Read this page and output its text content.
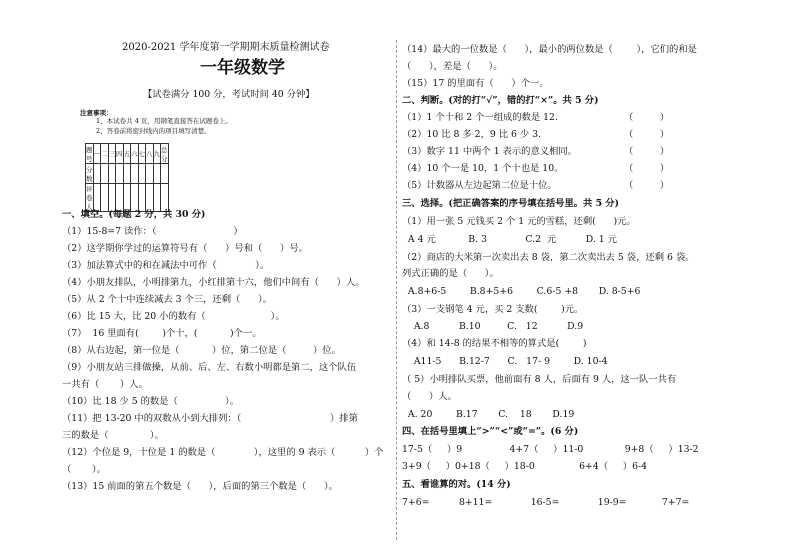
2020-2021 学年度第一学期期末质量检测试卷
一年级数学
【试卷满分 100 分，考试时间 40 分钟】
注意事项：
1、本试卷共 4 页，用钢笔直接答在试题卷上。
2、答卷前将密封线内的项目填写清楚。
题号	一	二	三	四	五	六	七	八	九	总分
分数										
评卷人										
一、填空。(每题 2 分，共 30 分)
（1）15-8=7 读作：（                          ）
（2）这学期你学过的运算符号有（      ）号和（      ）号。
（3）加法算式中的和在减法中可作（             ）。
（4）小朋友排队，小明排第九，小红排第十六，他们中间有（      ）人。
（5）从 2 个十中连续减去 3 个三，还剩（      ）。
（6）比 15 大，比 20 小的数有（                      ）。
（7）  16 里面有(        )个十，(           )个一。
（8）从右边起，第一位是（           ）位，第二位是（         ）位。
（9）小朋友站三排做操，从前、后、左、右数小明都是第二，这个队伍
一共有（       ）人。
（10）比 18 少 5 的数是（                ）。
（11）把 13-20 中的双数从小到大排列：（                              ）排第
三的数是（              ）。
（12）个位是 9，十位是 1 的数是（             ），这里的 9 表示（          ）个
（       ）。
（13）15 前面的第五个数是（      ），后面的第三个数是（      ）。
（14）最大的一位数是（      ），最小的两位数是（        ），它们的和是
（      ），差是（      ）。
（15）17 的里面有（      ）个一。
二、判断。(对的打“√”，错的打“×”。共 5 分)
（1）1 个十和 2 个一组成的数是 12.	（         ）
（2）10 比 8 多 2，9 比 6 少 3.	（         ）
（3）数字 11 中两个 1 表示的意义相同。	（         ）
（4）10 个一是 10，1 个十也是 10。	（         ）
（5）计数器从左边起第二位是十位。	（         ）
三、选择。(把正确答案的序号填在括号里。共 5 分)
（1）用一张 5 元钱买 2 个 1 元的雪糕，还剩(      )元。
A 4 元           B. 3             C.2  元          D. 1 元
（2）商店的大米第一次卖出去 8 袋，第二次卖出去 5 袋，还剩 6 袋。
列式正确的是（      ）。
A.8+6-5        B.8+5+6        C.6-5 +8       D. 8-5+6
（3）一支钢笔 4 元，买 2 支数(        )元。
A.8          B.10         C.   12          D.9
（4）和 14-8 的结果不相等的算式是(        )
A11-5      B.12-7      C.   17- 9        D. 10-4
（ 5）小明排队买票，他前面有 8 人，后面有 9 人，这一队一共有
（      ）人。
A. 20        B.17       C.    18       D.19
四、在括号里填上“>”“<”或“=”。(6 分)
17-5（     ）9                4+7（     ）11-0              9+8（     ）13-2
3+9（     ）0+18（     ）18-0               6+4（     ）6-4
五、看谁算的对。(14 分)
7+6=          8+11=             16-5=             19-9=            7+7=
